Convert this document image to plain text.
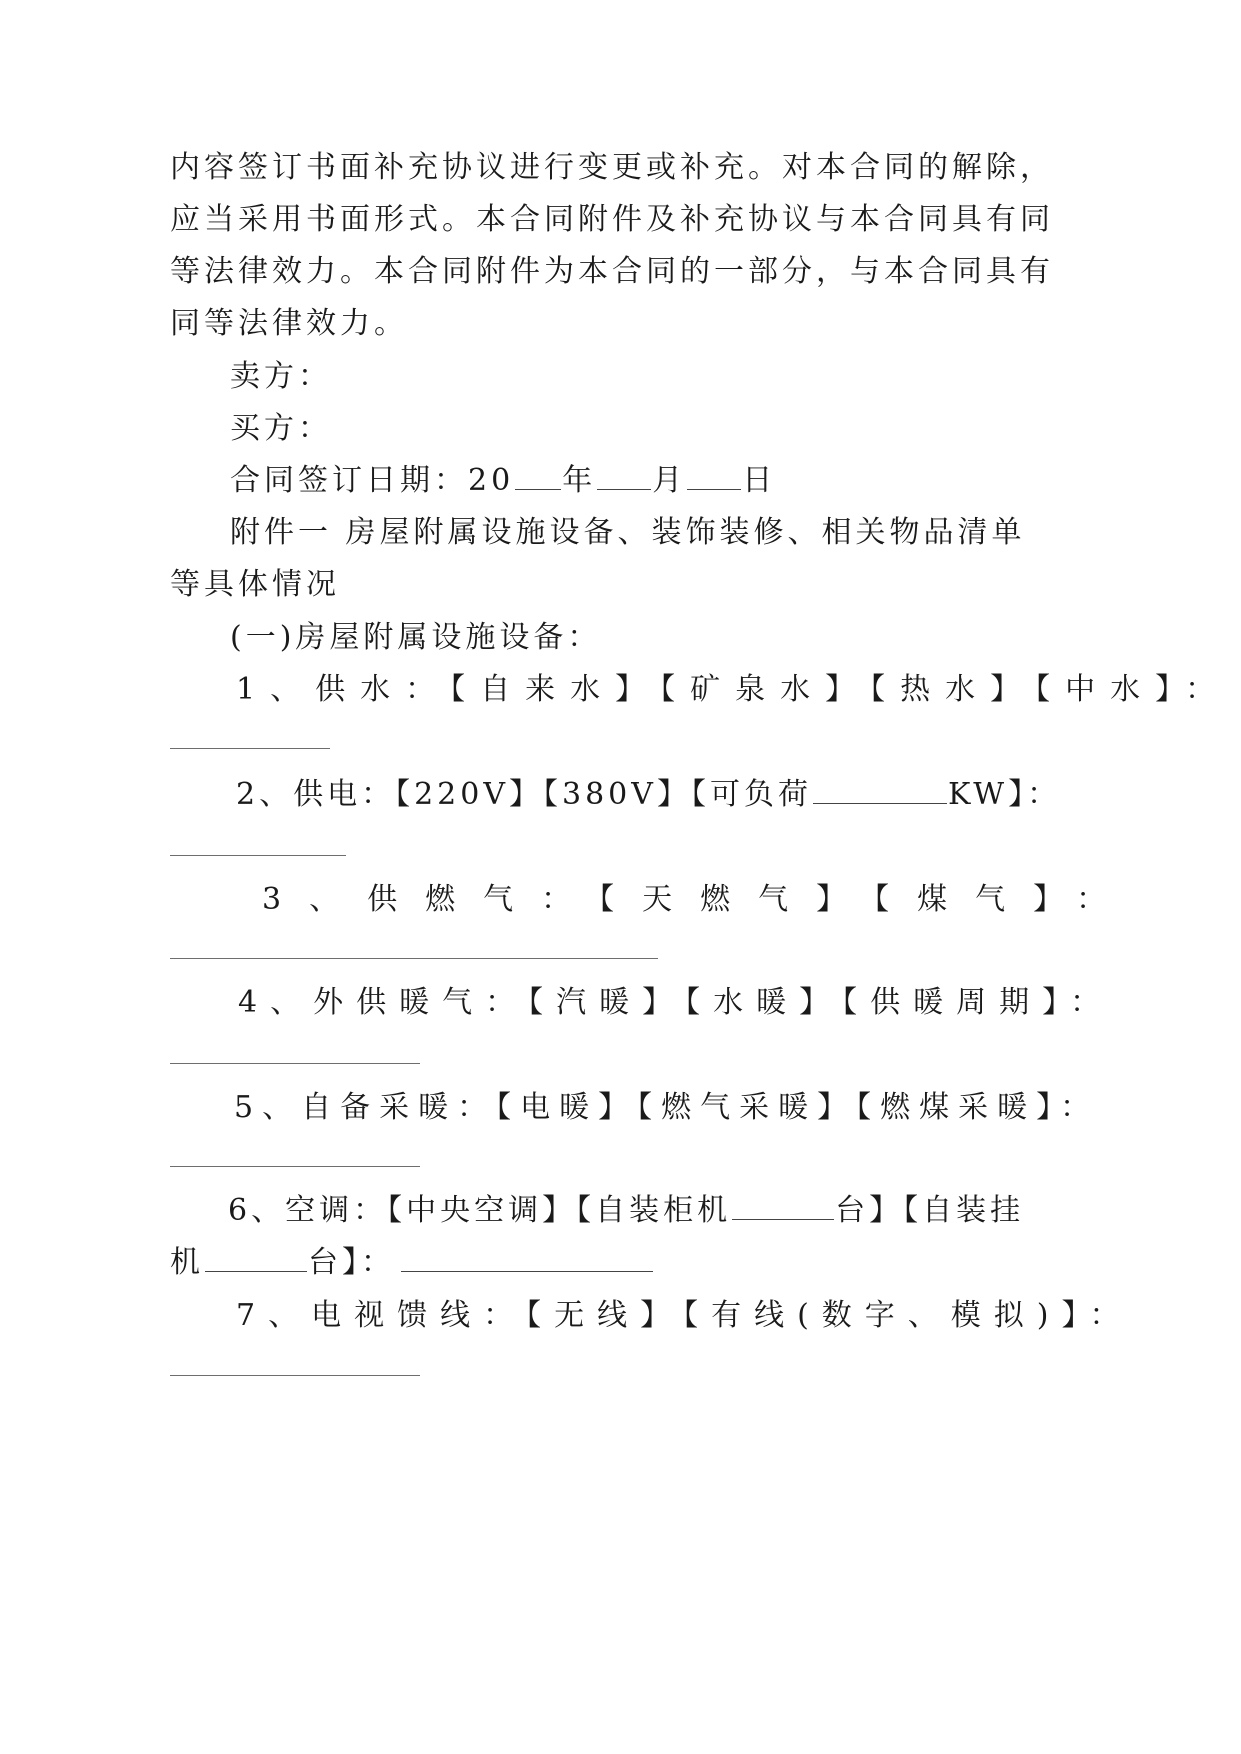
内容签订书面补充协议进行变更或补充。对本合同的解除，
应当采用书面形式。本合同附件及补充协议与本合同具有同
等法律效力。本合同附件为本合同的一部分，与本合同具有
同等法律效力。
卖方：
买方：
合同签订日期：20 年 月 日
附件一 房屋附属设施设备、装饰装修、相关物品清单
等具体情况
(一)房屋附属设施设备：
1、供水：【自来水】【矿泉水】【热水】【中水】：
2、供电：【220V】【380V】【可负荷	KW】：
3、供燃气：【天燃气】【煤气】：
4、外供暖气：【汽暖】【水暖】【供暖周期】：
5、自备采暖：【电暖】【燃气采暖】【燃煤采暖】：
6、空调：【中央空调】【自装柜机	台】【自装挂
机	台】：
7、电视馈线：【无线】【有线(数字、模拟)】：
